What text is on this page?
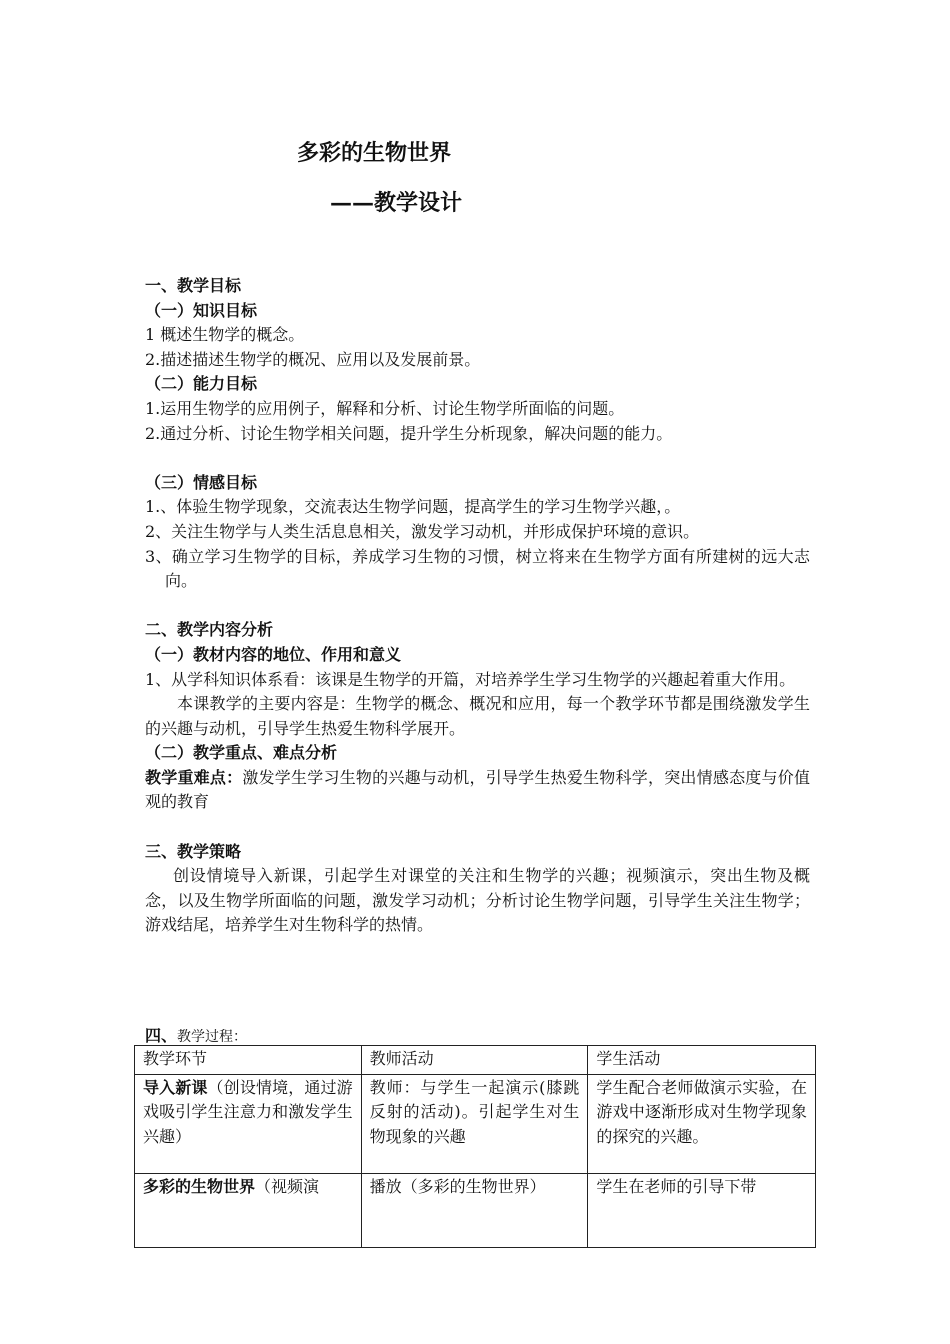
多彩的生物世界
——教学设计

一、教学目标

（一）知识目标

1 概述生物学的概念。

2.描述描述生物学的概况、应用以及发展前景。

（二）能力目标

1.运用生物学的应用例子，解释和分析、讨论生物学所面临的问题。

2.通过分析、讨论生物学相关问题，提升学生分析现象，解决问题的能力。

（三）情感目标

1.、体验生物学现象，交流表达生物学问题，提高学生的学习生物学兴趣，。

2、关注生物学与人类生活息息相关，激发学习动机，并形成保护环境的意识。

3、确立学习生物学的目标，养成学习生物的习惯，树立将来在生物学方面有所建树的远大志向。

二、教学内容分析

（一）教材内容的地位、作用和意义

1、从学科知识体系看：该课是生物学的开篇，对培养学生学习生物学的兴趣起着重大作用。

本课教学的主要内容是：生物学的概念、概况和应用，每一个教学环节都是围绕激发学生的兴趣与动机，引导学生热爱生物科学展开。

（二）教学重点、难点分析

教学重难点：激发学生学习生物的兴趣与动机，引导学生热爱生物科学，突出情感态度与价值观的教育

三、教学策略

创设情境导入新课，引起学生对课堂的关注和生物学的兴趣；视频演示，突出生物及概念，以及生物学所面临的问题，激发学习动机；分析讨论生物学问题，引导学生关注生物学；游戏结尾，培养学生对生物科学的热情。

四、教学过程：
教学环节	教师活动	学生活动
导入新课（创设情境，通过游戏吸引学生注意力和激发学生兴趣）	教师：与学生一起演示(膝跳反射的活动)。引起学生对生物现象的兴趣	学生配合老师做演示实验，在游戏中逐渐形成对生物学现象的探究的兴趣。
多彩的生物世界（视频演	播放（多彩的生物世界）	学生在老师的引导下带
